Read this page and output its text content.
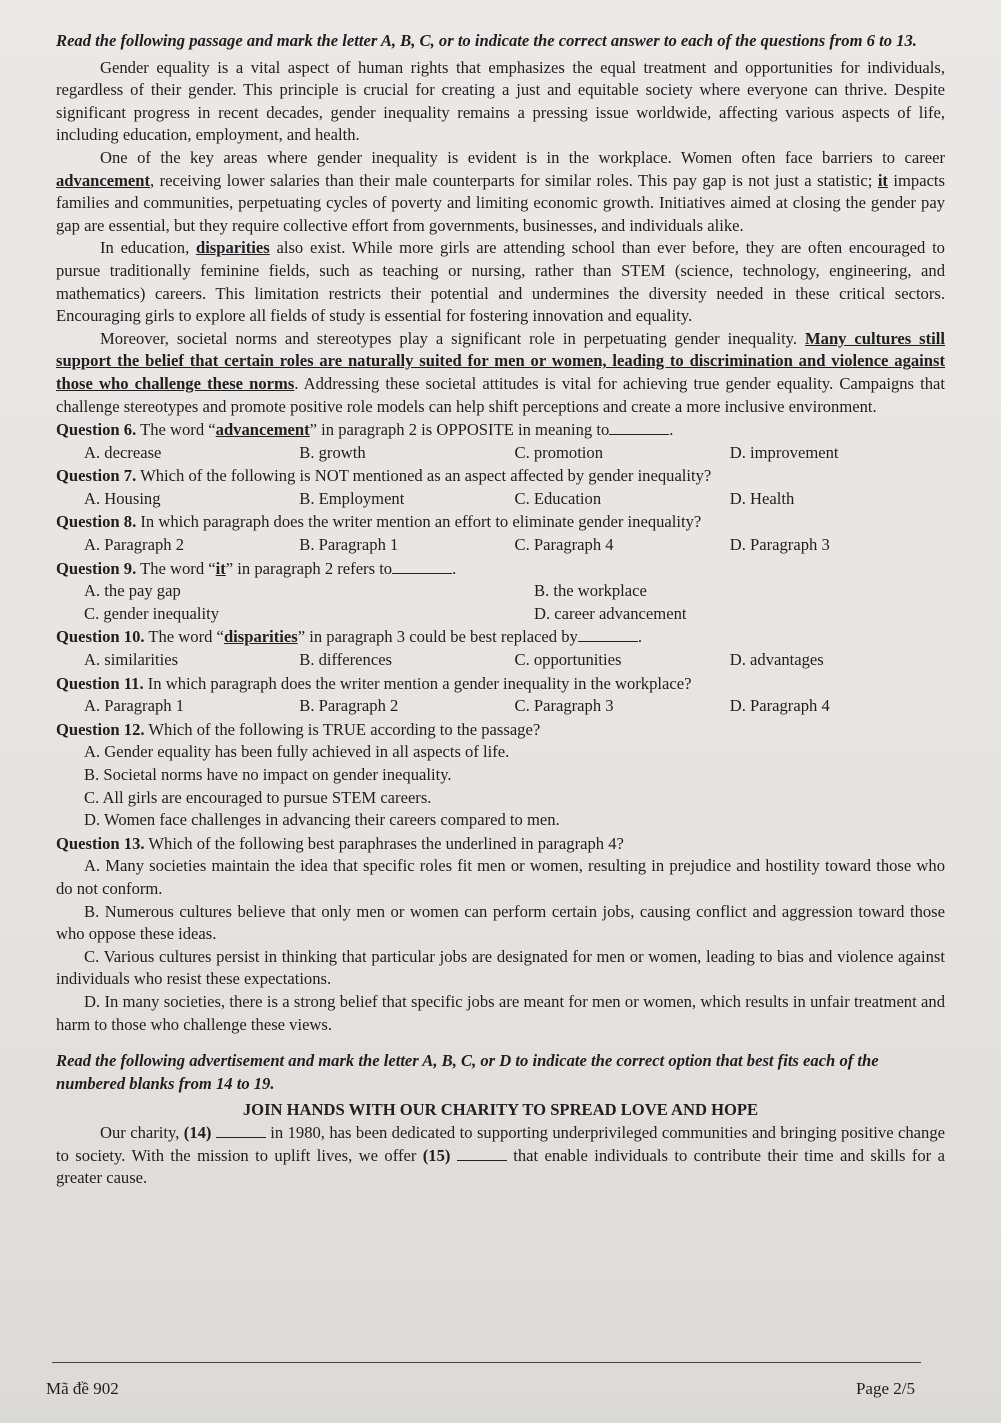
Read the following passage and mark the letter A, B, C, or to indicate the correct answer to each of the questions from 6 to 13.

Gender equality is a vital aspect of human rights that emphasizes the equal treatment and opportunities for individuals, regardless of their gender. This principle is crucial for creating a just and equitable society where everyone can thrive. Despite significant progress in recent decades, gender inequality remains a pressing issue worldwide, affecting various aspects of life, including education, employment, and health.

One of the key areas where gender inequality is evident is in the workplace. Women often face barriers to career advancement, receiving lower salaries than their male counterparts for similar roles. This pay gap is not just a statistic; it impacts families and communities, perpetuating cycles of poverty and limiting economic growth. Initiatives aimed at closing the gender pay gap are essential, but they require collective effort from governments, businesses, and individuals alike.

In education, disparities also exist. While more girls are attending school than ever before, they are often encouraged to pursue traditionally feminine fields, such as teaching or nursing, rather than STEM (science, technology, engineering, and mathematics) careers. This limitation restricts their potential and undermines the diversity needed in these critical sectors. Encouraging girls to explore all fields of study is essential for fostering innovation and equality.

Moreover, societal norms and stereotypes play a significant role in perpetuating gender inequality. Many cultures still support the belief that certain roles are naturally suited for men or women, leading to discrimination and violence against those who challenge these norms. Addressing these societal attitudes is vital for achieving true gender equality. Campaigns that challenge stereotypes and promote positive role models can help shift perceptions and create a more inclusive environment.

Question 6. The word “advancement” in paragraph 2 is OPPOSITE in meaning to	.
A. decrease	B. growth	C. promotion	D. improvement
Question 7. Which of the following is NOT mentioned as an aspect affected by gender inequality?
A. Housing	B. Employment	C. Education	D. Health
Question 8. In which paragraph does the writer mention an effort to eliminate gender inequality?
A. Paragraph 2	B. Paragraph 1	C. Paragraph 4	D. Paragraph 3
Question 9. The word “it” in paragraph 2 refers to	.
A. the pay gap	B. the workplace
C. gender inequality	D. career advancement
Question 10. The word “disparities” in paragraph 3 could be best replaced by	.
A. similarities	B. differences	C. opportunities	D. advantages
Question 11. In which paragraph does the writer mention a gender inequality in the workplace?
A. Paragraph 1	B. Paragraph 2	C. Paragraph 3	D. Paragraph 4
Question 12. Which of the following is TRUE according to the passage?
A. Gender equality has been fully achieved in all aspects of life.
B. Societal norms have no impact on gender inequality.
C. All girls are encouraged to pursue STEM careers.
D. Women face challenges in advancing their careers compared to men.
Question 13. Which of the following best paraphrases the underlined in paragraph 4?
A. Many societies maintain the idea that specific roles fit men or women, resulting in prejudice and hostility toward those who do not conform.
B. Numerous cultures believe that only men or women can perform certain jobs, causing conflict and aggression toward those who oppose these ideas.
C. Various cultures persist in thinking that particular jobs are designated for men or women, leading to bias and violence against individuals who resist these expectations.
D. In many societies, there is a strong belief that specific jobs are meant for men or women, which results in unfair treatment and harm to those who challenge these views.
Read the following advertisement and mark the letter A, B, C, or D to indicate the correct option that best fits each of the numbered blanks from 14 to 19.
JOIN HANDS WITH OUR CHARITY TO SPREAD LOVE AND HOPE

Our charity, (14)	in 1980, has been dedicated to supporting underprivileged communities and bringing positive change to society. With the mission to uplift lives, we offer (15)	that enable individuals to contribute their time and skills for a greater cause.

Mã đề 902	Page 2/5
